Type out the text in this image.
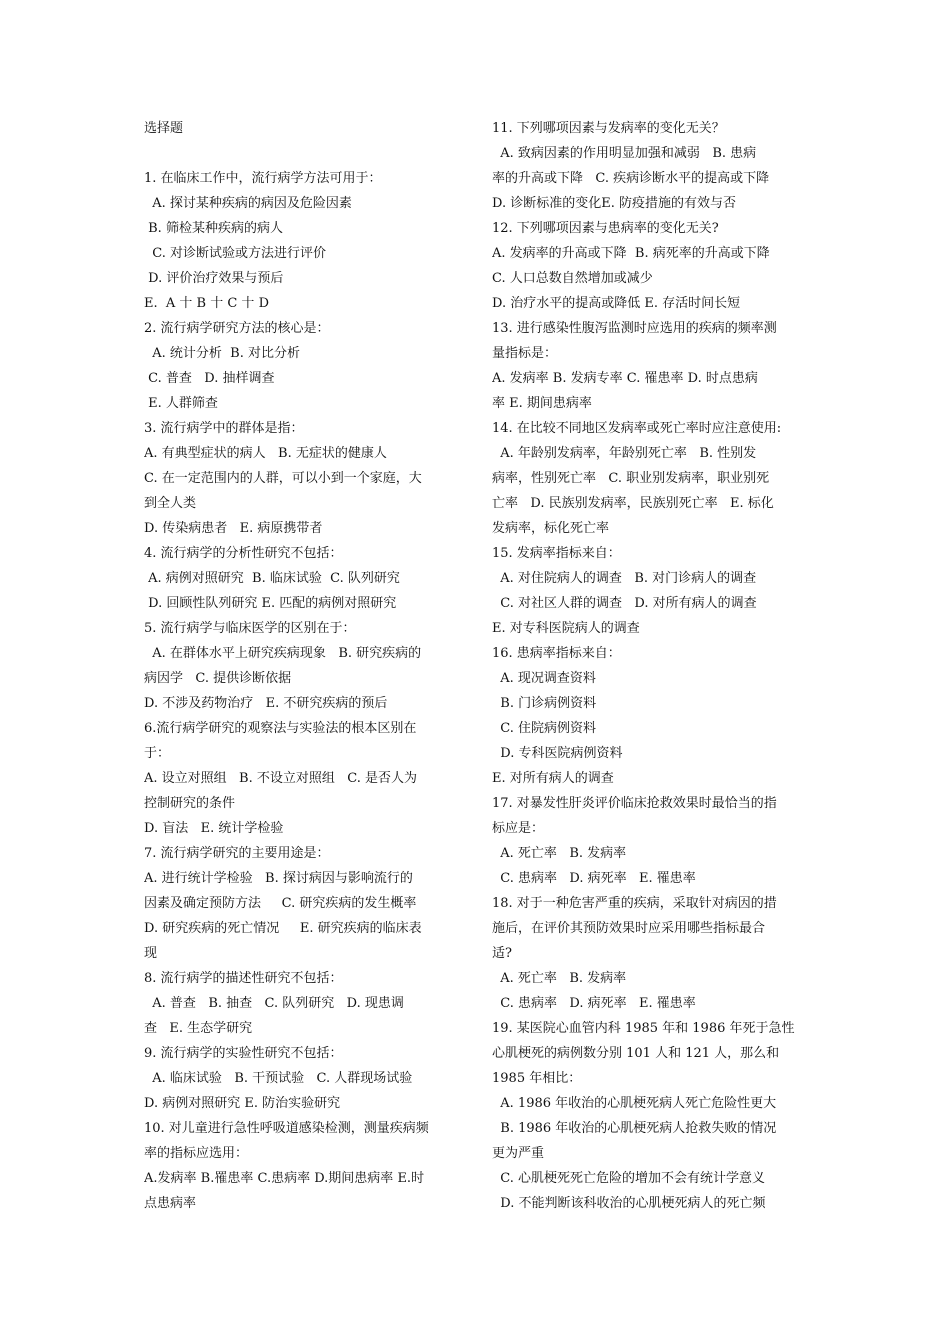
选择题
1. 在临床工作中，流行病学方法可用于：
A. 探讨某种疾病的病因及危险因素
B. 筛检某种疾病的病人
C. 对诊断试验或方法进行评价
D. 评价治疗效果与预后
E.  A 十 B 十 C 十 D
2. 流行病学研究方法的核心是：
A. 统计分析  B. 对比分析
C. 普查   D. 抽样调查
E. 人群筛查
3. 流行病学中的群体是指：
A. 有典型症状的病人   B. 无症状的健康人
C. 在一定范围内的人群，可以小到一个家庭，大
到全人类
D. 传染病患者   E. 病原携带者
4. 流行病学的分析性研究不包括：
A. 病例对照研究  B. 临床试验  C. 队列研究
D. 回顾性队列研究 E. 匹配的病例对照研究
5. 流行病学与临床医学的区别在于：
A. 在群体水平上研究疾病现象   B. 研究疾病的
病因学   C. 提供诊断依据
D. 不涉及药物治疗   E. 不研究疾病的预后
6.流行病学研究的观察法与实验法的根本区别在
于：
A. 设立对照组   B. 不设立对照组   C. 是否人为
控制研究的条件
D. 盲法   E. 统计学检验
7. 流行病学研究的主要用途是：
A. 进行统计学检验   B. 探讨病因与影响流行的
因素及确定预防方法     C. 研究疾病的发生概率
D. 研究疾病的死亡情况     E. 研究疾病的临床表
现
8. 流行病学的描述性研究不包括：
A. 普查   B. 抽查   C. 队列研究   D. 现患调
查   E. 生态学研究
9. 流行病学的实验性研究不包括：
A. 临床试验   B. 干预试验   C. 人群现场试验
D. 病例对照研究 E. 防治实验研究
10. 对儿童进行急性呼吸道感染检测，测量疾病频
率的指标应选用：
A.发病率 B.罹患率 C.患病率 D.期间患病率 E.时
点患病率
11. 下列哪项因素与发病率的变化无关？
A. 致病因素的作用明显加强和减弱   B. 患病
率的升高或下降   C. 疾病诊断水平的提高或下降
D. 诊断标准的变化E. 防疫措施的有效与否
12. 下列哪项因素与患病率的变化无关?
A. 发病率的升高或下降  B. 病死率的升高或下降
C. 人口总数自然增加或减少
D. 治疗水平的提高或降低 E. 存活时间长短
13. 进行感染性腹泻监测时应选用的疾病的频率测
量指标是：
A. 发病率 B. 发病专率 C. 罹患率 D. 时点患病
率 E. 期间患病率
14. 在比较不同地区发病率或死亡率时应注意使用:
A. 年龄别发病率，年龄别死亡率   B. 性别发
病率，性别死亡率   C. 职业别发病率，职业别死
亡率   D. 民族别发病率，民族别死亡率   E. 标化
发病率，标化死亡率
15. 发病率指标来自：
A. 对住院病人的调查   B. 对门诊病人的调查
C. 对社区人群的调查   D. 对所有病人的调查
E. 对专科医院病人的调查
16. 患病率指标来自：
A. 现况调查资料
B. 门诊病例资料
C. 住院病例资料
D. 专科医院病例资料
E. 对所有病人的调查
17. 对暴发性肝炎评价临床抢救效果时最恰当的指
标应是：
A. 死亡率   B. 发病率
C. 患病率   D. 病死率   E. 罹患率
18. 对于一种危害严重的疾病，采取针对病因的措
施后，在评价其预防效果时应采用哪些指标最合
适?
A. 死亡率   B. 发病率
C. 患病率   D. 病死率   E. 罹患率
19. 某医院心血管内科 1985 年和 1986 年死于急性
心肌梗死的病例数分别 101 人和 121 人，那么和
1985 年相比：
A. 1986 年收治的心肌梗死病人死亡危险性更大
B. 1986 年收治的心肌梗死病人抢救失败的情况
更为严重
C. 心肌梗死死亡危险的增加不会有统计学意义
D. 不能判断该科收治的心肌梗死病人的死亡频
